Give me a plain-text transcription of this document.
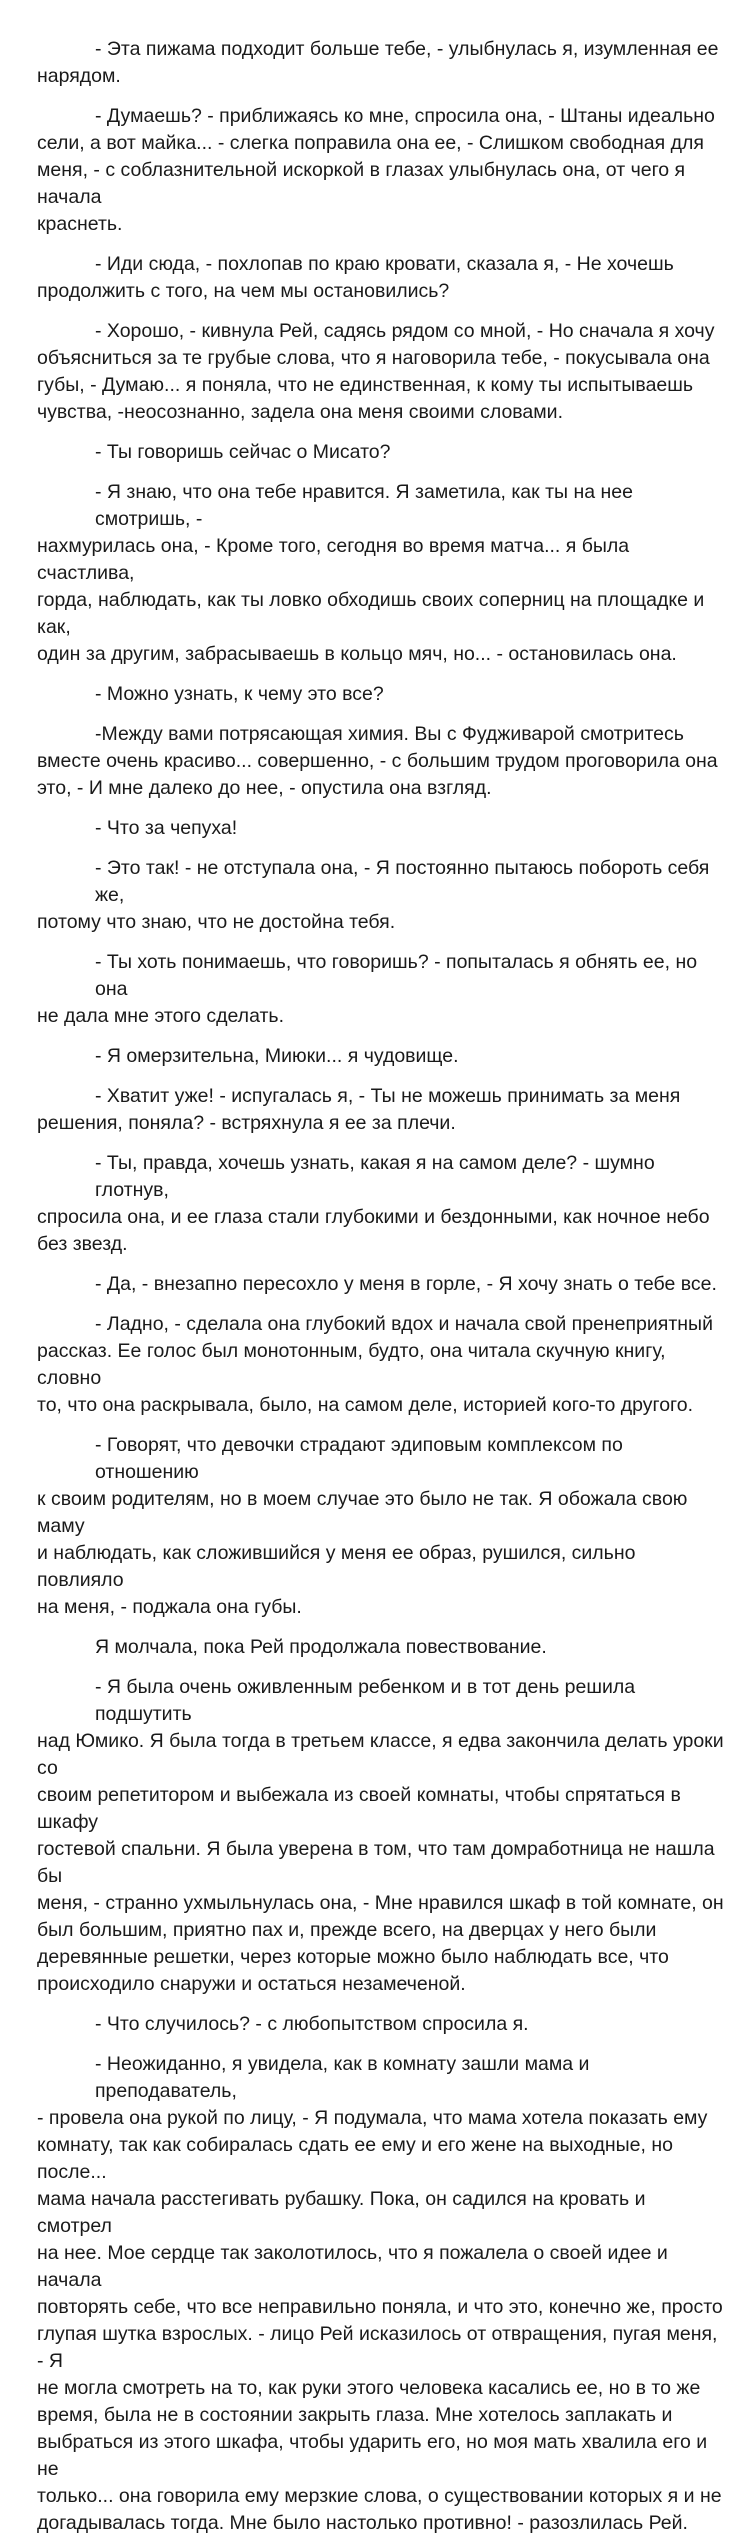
- Эта пижама подходит больше тебе, - улыбнулась я, изумленная ее
нарядом.

- Думаешь? - приближаясь ко мне, спросила она, - Штаны идеально
сели, а вот майка... - слегка поправила она ее, - Слишком свободная для
меня, - с соблазнительной искоркой в глазах улыбнулась она, от чего я начала
краснеть.

- Иди сюда, - похлопав по краю кровати, сказала я, - Не хочешь
продолжить с того, на чем мы остановились?

- Хорошо, - кивнула Рей, садясь рядом со мной, - Но сначала я хочу
объясниться за те грубые слова, что я наговорила тебе, - покусывала она
губы, - Думаю... я поняла, что не единственная, к кому ты испытываешь
чувства, -неосознанно, задела она меня своими словами.

- Ты говоришь сейчас о Мисато?

- Я знаю, что она тебе нравится. Я заметила, как ты на нее смотришь, -
нахмурилась она, - Кроме того, сегодня во время матча... я была счастлива,
горда, наблюдать, как ты ловко обходишь своих соперниц на площадке и как,
один за другим, забрасываешь в кольцо мяч, но... - остановилась она.

- Можно узнать, к чему это все?

-Между вами потрясающая химия. Вы с Фудживарой смотритесь
вместе очень красиво... совершенно, - с большим трудом проговорила она
это, - И мне далеко до нее, - опустила она взгляд.

- Что за чепуха!

- Это так! - не отступала она, - Я постоянно пытаюсь побороть себя же,
потому что знаю, что не достойна тебя.

- Ты хоть понимаешь, что говоришь? - попыталась я обнять ее, но она
не дала мне этого сделать.

- Я омерзительна, Миюки... я чудовище.

- Хватит уже! - испугалась я, - Ты не можешь принимать за меня
решения, поняла? - встряхнула я ее за плечи.

- Ты, правда, хочешь узнать, какая я на самом деле? - шумно глотнув,
спросила она, и ее глаза стали глубокими и бездонными, как ночное небо
без звезд.

- Да, - внезапно пересохло у меня в горле, - Я хочу знать о тебе все.

- Ладно, - сделала она глубокий вдох и начала свой пренеприятный
рассказ. Ее голос был монотонным, будто, она читала скучную книгу, словно
то, что она раскрывала, было, на самом деле, историей кого-то другого.

- Говорят, что девочки страдают эдиповым комплексом по отношению
к своим родителям, но в моем случае это было не так. Я обожала свою маму
и наблюдать, как сложившийся у меня ее образ, рушился, сильно повлияло
на меня, - поджала она губы.

Я молчала, пока Рей продолжала повествование.

- Я была очень оживленным ребенком и в тот день решила подшутить
над Юмико. Я была тогда в третьем классе, я едва закончила делать уроки со
своим репетитором и выбежала из своей комнаты, чтобы спрятаться в шкафу
гостевой спальни. Я была уверена в том, что там домработница не нашла бы
меня, - странно ухмыльнулась она, - Мне нравился шкаф в той комнате, он
был большим, приятно пах и, прежде всего, на дверцах у него были
деревянные решетки, через которые можно было наблюдать все, что
происходило снаружи и остаться незамеченой.

- Что случилось? - с любопытством спросила я.

- Неожиданно, я увидела, как в комнату зашли мама и преподаватель,
- провела она рукой по лицу, - Я подумала, что мама хотела показать ему
комнату, так как собиралась сдать ее ему и его жене на выходные, но после...
мама начала расстегивать рубашку. Пока, он садился на кровать и смотрел
на нее. Мое сердце так заколотилось, что я пожалела о своей идее и начала
повторять себе, что все неправильно поняла, и что это, конечно же, просто
глупая шутка взрослых. - лицо Рей исказилось от отвращения, пугая меня, - Я
не могла смотреть на то, как руки этого человека касались ее, но в то же
время, была не в состоянии закрыть глаза. Мне хотелось заплакать и
выбраться из этого шкафа, чтобы ударить его, но моя мать хвалила его и не
только... она говорила ему мерзкие слова, о существовании которых я и не
догадывалась тогда. Мне было настолько противно! - разозлилась Рей.
